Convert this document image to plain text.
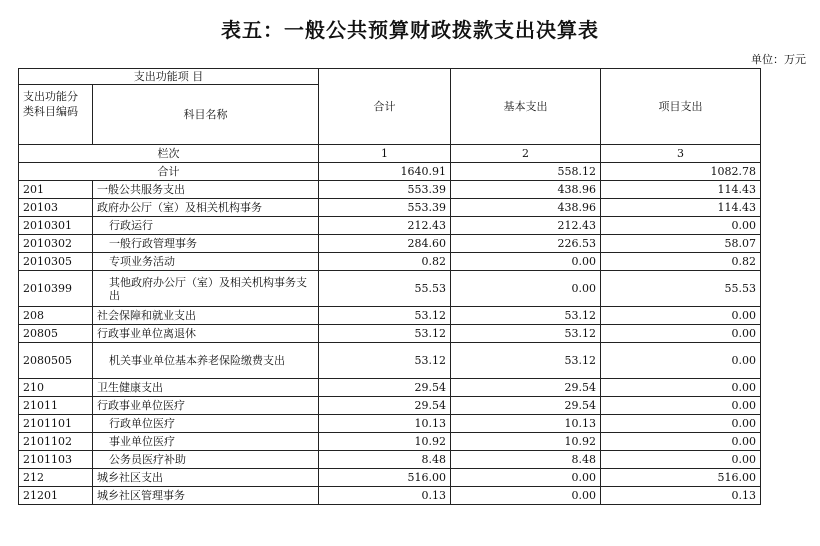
表五：一般公共预算财政拨款支出决算表
单位：万元
支出功能项 目		合计	基本支出	项目支出
支出功能分类科目编码	科目名称			
栏次		1	2	3
合计		1640.91	558.12	1082.78
201	一般公共服务支出	553.39	438.96	114.43
20103	政府办公厅（室）及相关机构事务	553.39	438.96	114.43
2010301	行政运行	212.43	212.43	0.00
2010302	一般行政管理事务	284.60	226.53	58.07
2010305	专项业务活动	0.82	0.00	0.82
2010399	其他政府办公厅（室）及相关机构事务支出	55.53	0.00	55.53
208	社会保障和就业支出	53.12	53.12	0.00
20805	行政事业单位离退休	53.12	53.12	0.00
2080505	机关事业单位基本养老保险缴费支出	53.12	53.12	0.00
210	卫生健康支出	29.54	29.54	0.00
21011	行政事业单位医疗	29.54	29.54	0.00
2101101	行政单位医疗	10.13	10.13	0.00
2101102	事业单位医疗	10.92	10.92	0.00
2101103	公务员医疗补助	8.48	8.48	0.00
212	城乡社区支出	516.00	0.00	516.00
21201	城乡社区管理事务	0.13	0.00	0.13
